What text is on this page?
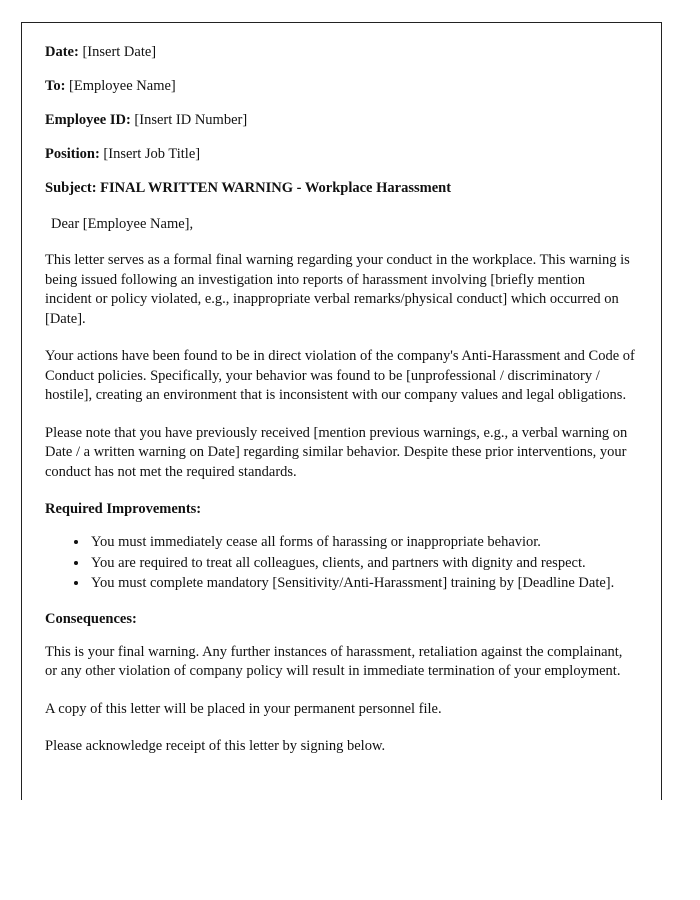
Date: [Insert Date]

To: [Employee Name]

Employee ID: [Insert ID Number]

Position: [Insert Job Title]

Subject: FINAL WRITTEN WARNING - Workplace Harassment

Dear [Employee Name],

This letter serves as a formal final warning regarding your conduct in the workplace. This warning is being issued following an investigation into reports of harassment involving [briefly mention incident or policy violated, e.g., inappropriate verbal remarks/physical conduct] which occurred on [Date].

Your actions have been found to be in direct violation of the company's Anti-Harassment and Code of Conduct policies. Specifically, your behavior was found to be [unprofessional / discriminatory / hostile], creating an environment that is inconsistent with our company values and legal obligations.

Please note that you have previously received [mention previous warnings, e.g., a verbal warning on Date / a written warning on Date] regarding similar behavior. Despite these prior interventions, your conduct has not met the required standards.

Required Improvements:

• You must immediately cease all forms of harassing or inappropriate behavior.
• You are required to treat all colleagues, clients, and partners with dignity and respect.
• You must complete mandatory [Sensitivity/Anti-Harassment] training by [Deadline Date].

Consequences:

This is your final warning. Any further instances of harassment, retaliation against the complainant, or any other violation of company policy will result in immediate termination of your employment.

A copy of this letter will be placed in your permanent personnel file.

Please acknowledge receipt of this letter by signing below.
